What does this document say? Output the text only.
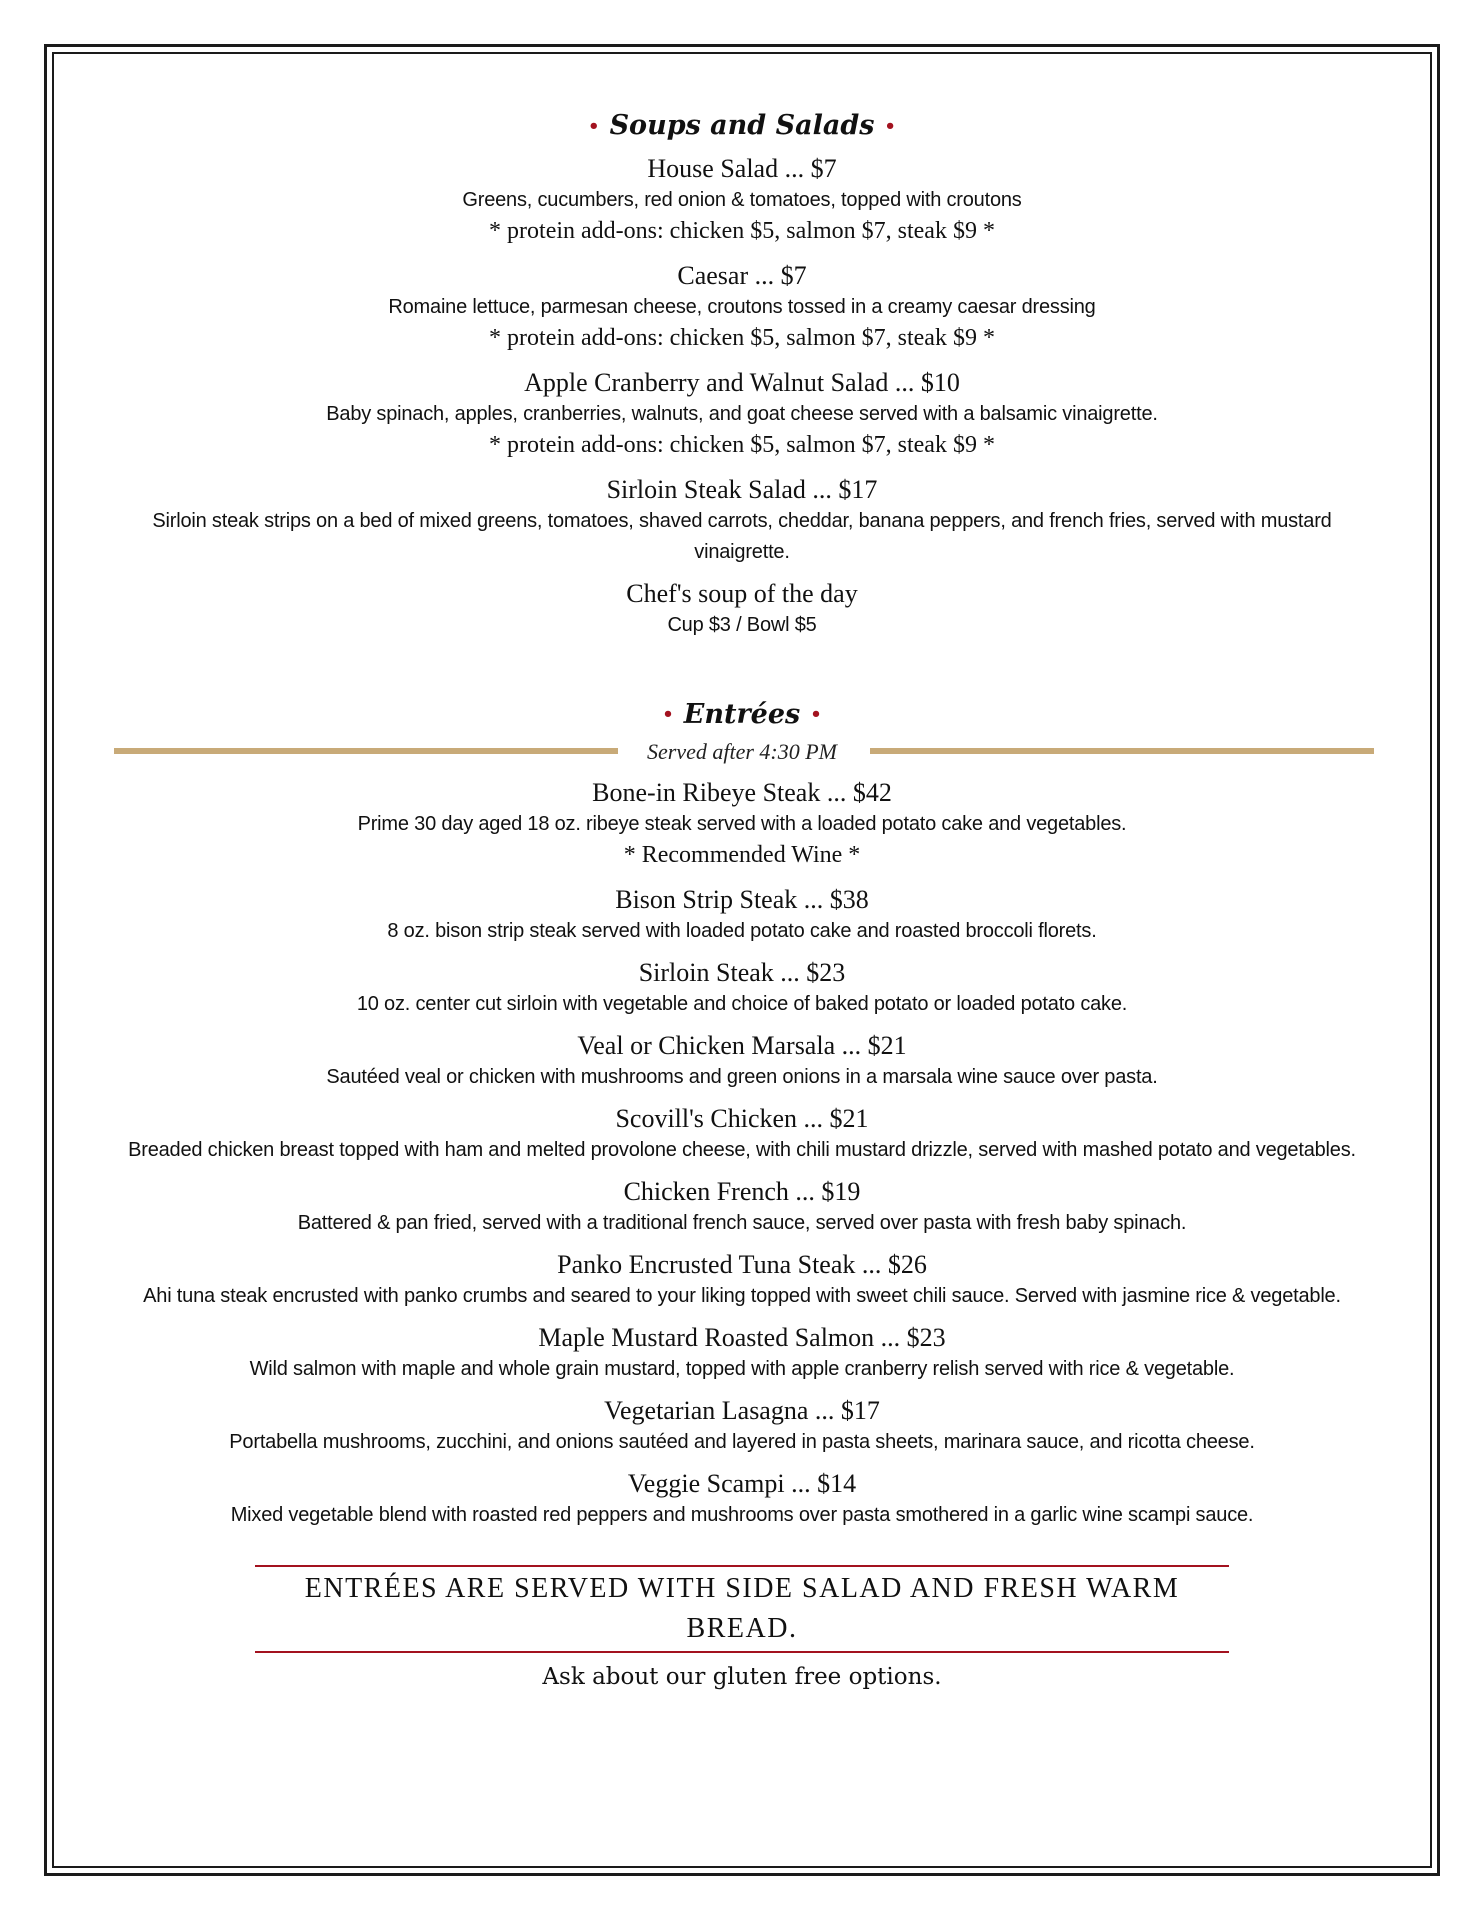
• Soups and Salads •

House Salad ... $7

Greens, cucumbers, red onion & tomatoes, topped with croutons

* protein add-ons: chicken $5, salmon $7, steak $9 *

Caesar ... $7

Romaine lettuce, parmesan cheese, croutons tossed in a creamy caesar dressing

* protein add-ons: chicken $5, salmon $7, steak $9 *

Apple Cranberry and Walnut Salad ... $10

Baby spinach, apples, cranberries, walnuts, and goat cheese served with a balsamic vinaigrette.

* protein add-ons: chicken $5, salmon $7, steak $9 *

Sirloin Steak Salad ... $17

Sirloin steak strips on a bed of mixed greens, tomatoes, shaved carrots, cheddar, banana peppers, and french fries, served with mustard vinaigrette.

Chef's soup of the day

Cup $3 / Bowl $5

• Entrées •
Served after 4:30 PM

Bone-in Ribeye Steak ... $42

Prime 30 day aged 18 oz. ribeye steak served with a loaded potato cake and vegetables.

* Recommended Wine *

Bison Strip Steak ... $38

8 oz. bison strip steak served with loaded potato cake and roasted broccoli florets.

Sirloin Steak ... $23

10 oz. center cut sirloin with vegetable and choice of baked potato or loaded potato cake.

Veal or Chicken Marsala ... $21

Sautéed veal or chicken with mushrooms and green onions in a marsala wine sauce over pasta.

Scovill's Chicken ... $21

Breaded chicken breast topped with ham and melted provolone cheese, with chili mustard drizzle, served with mashed potato and vegetables.

Chicken French ... $19

Battered & pan fried, served with a traditional french sauce, served over pasta with fresh baby spinach.

Panko Encrusted Tuna Steak ... $26

Ahi tuna steak encrusted with panko crumbs and seared to your liking topped with sweet chili sauce. Served with jasmine rice & vegetable.

Maple Mustard Roasted Salmon ... $23

Wild salmon with maple and whole grain mustard, topped with apple cranberry relish served with rice & vegetable.

Vegetarian Lasagna ... $17

Portabella mushrooms, zucchini, and onions sautéed and layered in pasta sheets, marinara sauce, and ricotta cheese.

Veggie Scampi ... $14

Mixed vegetable blend with roasted red peppers and mushrooms over pasta smothered in a garlic wine scampi sauce.

ENTRÉES ARE SERVED WITH SIDE SALAD AND FRESH WARM BREAD.
Ask about our gluten free options.
